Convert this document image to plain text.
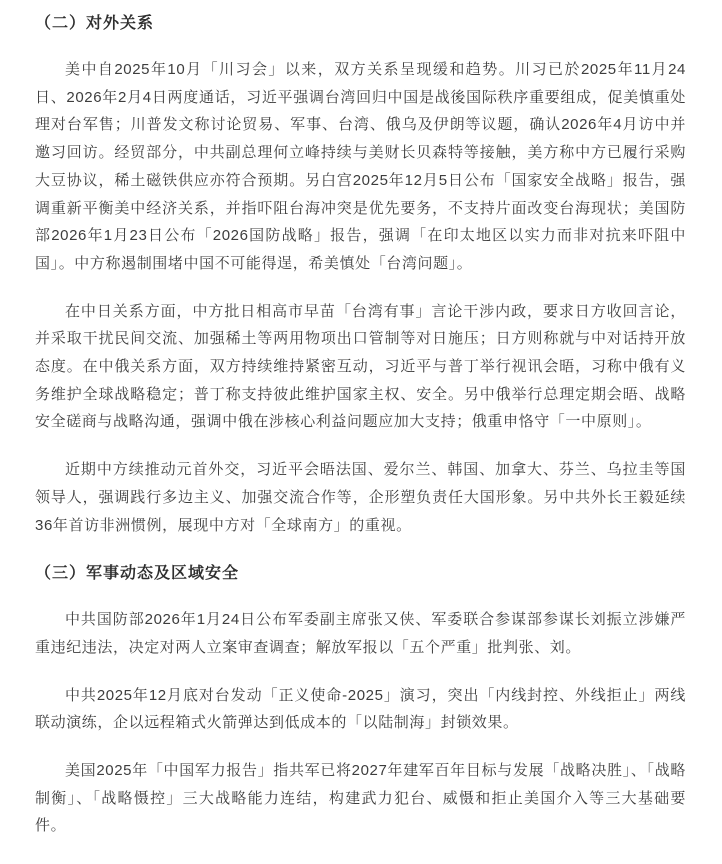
（二）对外关系

美中自2025年10月「川习会」以来，双方关系呈现缓和趋势。川习已於2025年11月24日、2026年2月4日两度通话，习近平强调台湾回归中国是战後国际秩序重要组成，促美慎重处理对台军售；川普发文称讨论贸易、军事、台湾、俄乌及伊朗等议题，确认2026年4月访中并邀习回访。经贸部分，中共副总理何立峰持续与美财长贝森特等接触，美方称中方已履行采购大豆协议，稀土磁铁供应亦符合预期。另白宫2025年12月5日公布「国家安全战略」报告，强调重新平衡美中经济关系，并指吓阻台海冲突是优先要务，不支持片面改变台海现状；美国防部2026年1月23日公布「2026国防战略」报告，强调「在印太地区以实力而非对抗来吓阻中国」。中方称遏制围堵中国不可能得逞，希美慎处「台湾问题」。

在中日关系方面，中方批日相高市早苗「台湾有事」言论干涉内政，要求日方收回言论，并采取干扰民间交流、加强稀土等两用物项出口管制等对日施压；日方则称就与中对话持开放态度。在中俄关系方面，双方持续维持紧密互动，习近平与普丁举行视讯会晤，习称中俄有义务维护全球战略稳定；普丁称支持彼此维护国家主权、安全。另中俄举行总理定期会晤、战略安全磋商与战略沟通，强调中俄在涉核心利益问题应加大支持；俄重申恪守「一中原则」。

近期中方续推动元首外交，习近平会晤法国、爱尔兰、韩国、加拿大、芬兰、乌拉圭等国领导人，强调践行多边主义、加强交流合作等，企形塑负责任大国形象。另中共外长王毅延续36年首访非洲惯例，展现中方对「全球南方」的重视。

（三）军事动态及区域安全

中共国防部2026年1月24日公布军委副主席张又侠、军委联合参谋部参谋长刘振立涉嫌严重违纪违法，决定对两人立案审查调查；解放军报以「五个严重」批判张、刘。

中共2025年12月底对台发动「正义使命-2025」演习，突出「内线封控、外线拒止」两线联动演练，企以远程箱式火箭弹达到低成本的「以陆制海」封锁效果。

美国2025年「中国军力报告」指共军已将2027年建军百年目标与发展「战略决胜」、「战略制衡」、「战略慑控」三大战略能力连结，构建武力犯台、威慑和拒止美国介入等三大基础要件。
